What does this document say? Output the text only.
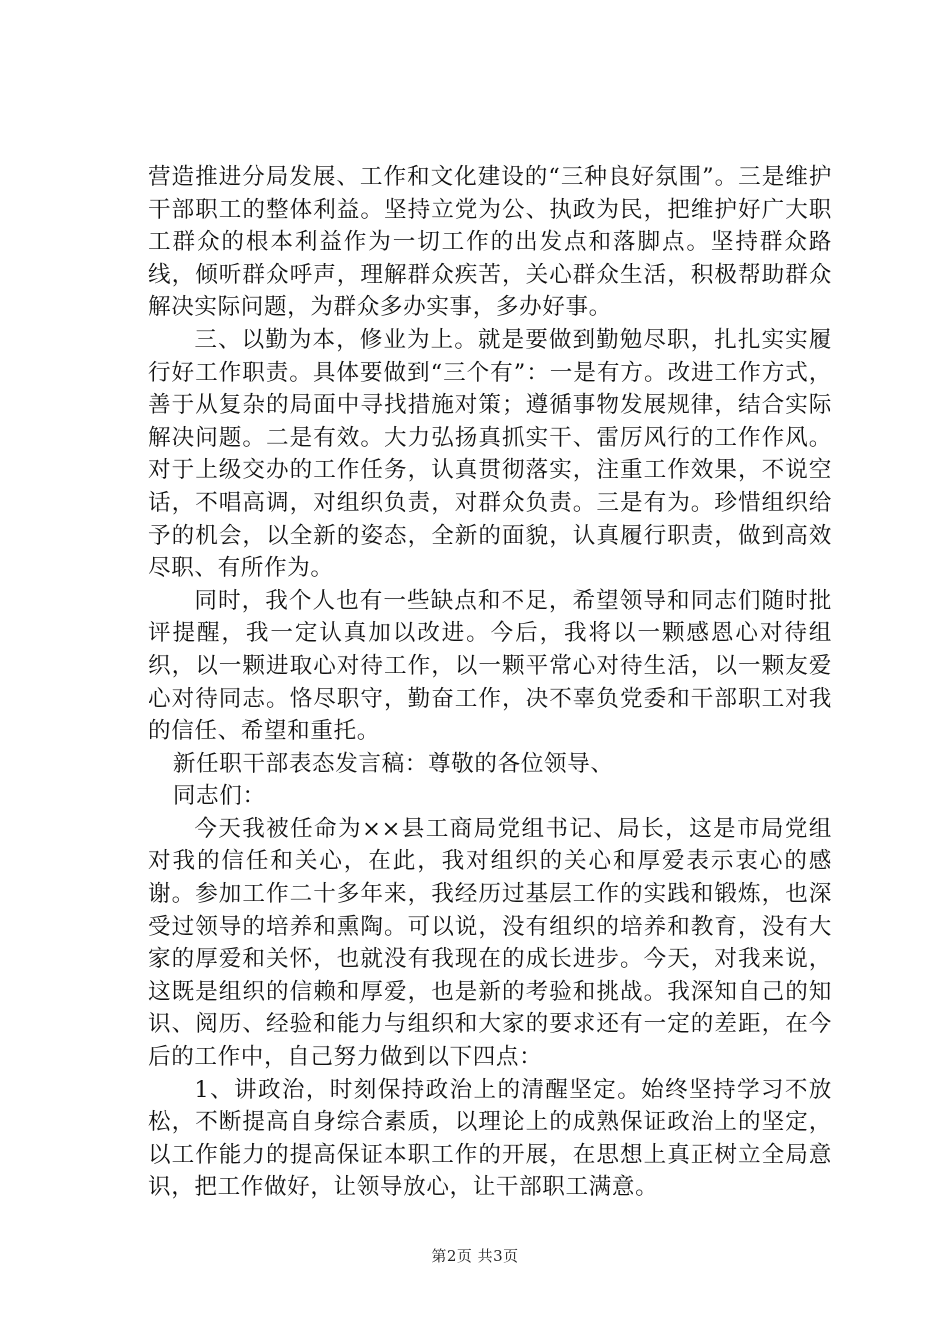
营造推进分局发展、工作和文化建设的“三种良好氛围”。三是维护干部职工的整体利益。坚持立党为公、执政为民，把维护好广大职工群众的根本利益作为一切工作的出发点和落脚点。坚持群众路线，倾听群众呼声，理解群众疾苦，关心群众生活，积极帮助群众解决实际问题，为群众多办实事，多办好事。

三、以勤为本，修业为上。就是要做到勤勉尽职，扎扎实实履行好工作职责。具体要做到“三个有”：一是有方。改进工作方式，善于从复杂的局面中寻找措施对策；遵循事物发展规律，结合实际解决问题。二是有效。大力弘扬真抓实干、雷厉风行的工作作风。对于上级交办的工作任务，认真贯彻落实，注重工作效果，不说空话，不唱高调，对组织负责，对群众负责。三是有为。珍惜组织给予的机会，以全新的姿态，全新的面貌，认真履行职责，做到高效尽职、有所作为。

同时，我个人也有一些缺点和不足，希望领导和同志们随时批评提醒，我一定认真加以改进。今后，我将以一颗感恩心对待组织，以一颗进取心对待工作，以一颗平常心对待生活，以一颗友爱心对待同志。恪尽职守，勤奋工作，决不辜负党委和干部职工对我的信任、希望和重托。

新任职干部表态发言稿：尊敬的各位领导、

同志们：

今天我被任命为××县工商局党组书记、局长，这是市局党组对我的信任和关心，在此，我对组织的关心和厚爱表示衷心的感谢。参加工作二十多年来，我经历过基层工作的实践和锻炼，也深受过领导的培养和熏陶。可以说，没有组织的培养和教育，没有大家的厚爱和关怀，也就没有我现在的成长进步。今天，对我来说，这既是组织的信赖和厚爱，也是新的考验和挑战。我深知自己的知识、阅历、经验和能力与组织和大家的要求还有一定的差距，在今后的工作中，自己努力做到以下四点：

1、讲政治，时刻保持政治上的清醒坚定。始终坚持学习不放松，不断提高自身综合素质，以理论上的成熟保证政治上的坚定，以工作能力的提高保证本职工作的开展，在思想上真正树立全局意识，把工作做好，让领导放心，让干部职工满意。

第2页 共3页
